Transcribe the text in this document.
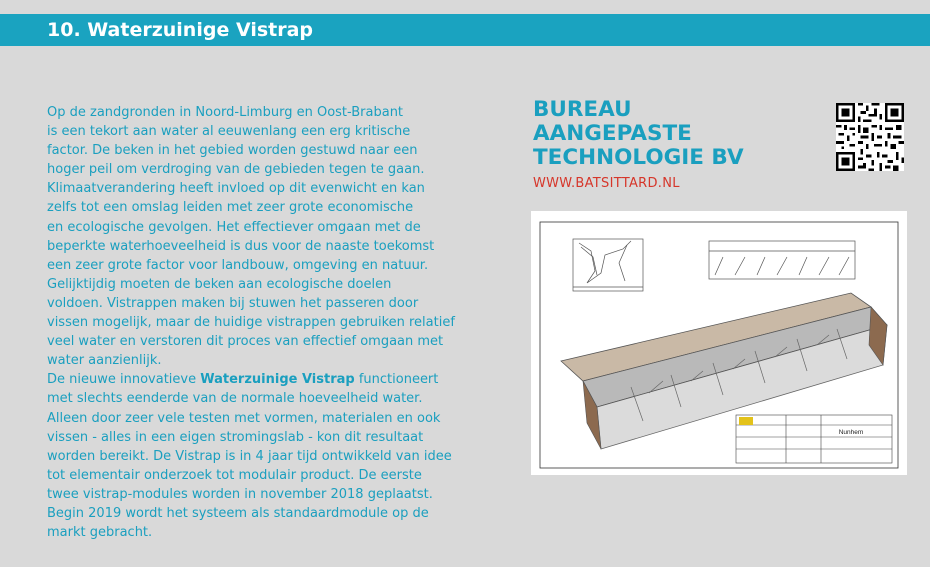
10. Waterzuinige Vistrap
Op de zandgronden in Noord-Limburg en Oost-Brabant
is een tekort aan water al eeuwenlang een erg kritische
factor. De beken in het gebied worden gestuwd naar een
hoger peil om verdroging van de gebieden tegen te gaan.
Klimaatverandering heeft invloed op dit evenwicht en kan
zelfs tot een omslag leiden met zeer grote economische
en ecologische gevolgen. Het effectiever omgaan met de
beperkte waterhoeveelheid is dus voor de naaste toekomst
een zeer grote factor voor landbouw, omgeving en natuur.
Gelijktijdig moeten de beken aan ecologische doelen
voldoen. Vistrappen maken bij stuwen het passeren door
vissen mogelijk, maar de huidige vistrappen gebruiken relatief
veel water en verstoren dit proces van effectief omgaan met
water aanzienlijk.
De nieuwe innovatieve Waterzuinige Vistrap functioneert
met slechts eenderde van de normale hoeveelheid water.
Alleen door zeer vele testen met vormen, materialen en ook
vissen - alles in een eigen stromingslab - kon dit resultaat
worden bereikt. De Vistrap is in 4 jaar tijd ontwikkeld van idee
tot elementair onderzoek tot modulair product. De eerste
twee vistrap-modules worden in november 2018 geplaatst.
Begin 2019 wordt het systeem als standaardmodule op de
markt gebracht.
BUREAU
AANGEPASTE
TECHNOLOGIE BV
WWW.BATSITTARD.NL
Nunhem
